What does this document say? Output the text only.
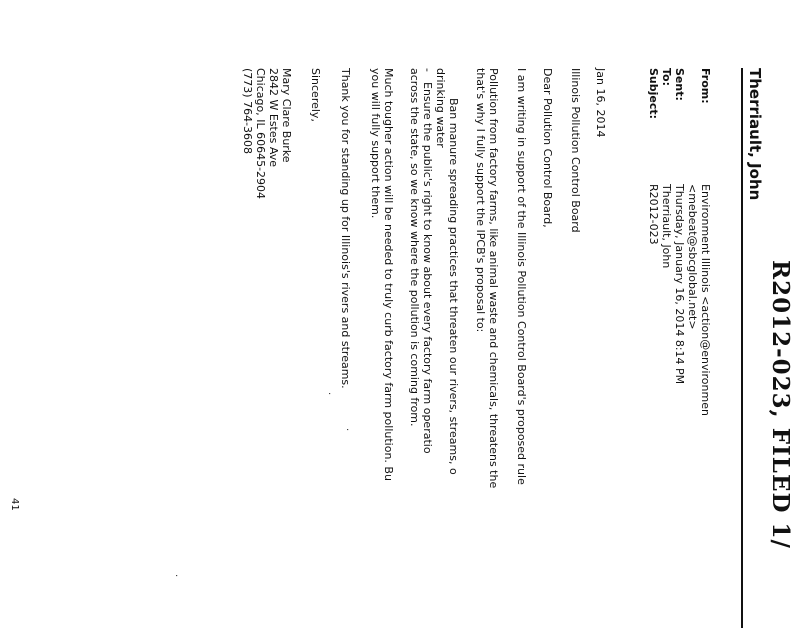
R2012-023, FILED 1/
Therriault, John
From:
Environment Illinois <action@environmen
<mebeat@sbcglobal.net>
Sent:
Thursday, January 16, 2014 8:14 PM
To:
Therriault, John
Subject:
R2012-023
Jan 16, 2014
Illinois Pollution Control Board
Dear Pollution Control Board,
I am writing in support of the Illinois Pollution Control Board's proposed rule
Pollution from factory farms, like animal waste and chemicals, threatens the
that's why I fully support the IPCB's proposal to:
Ban manure spreading practices that threaten our rivers, streams, o
drinking water
-
Ensure the public's right to know about every factory farm operatio
across the state, so we know where the pollution is coming from.
Much tougher action will be needed to truly curb factory farm pollution. Bu
you will fully support them.
Thank you for standing up for Illinois's rivers and streams.
Sincerely,
Mary Clare Burke
2842 W Estes Ave
Chicago, IL 60645-2904
(773) 764-3608
.
.
.
41
